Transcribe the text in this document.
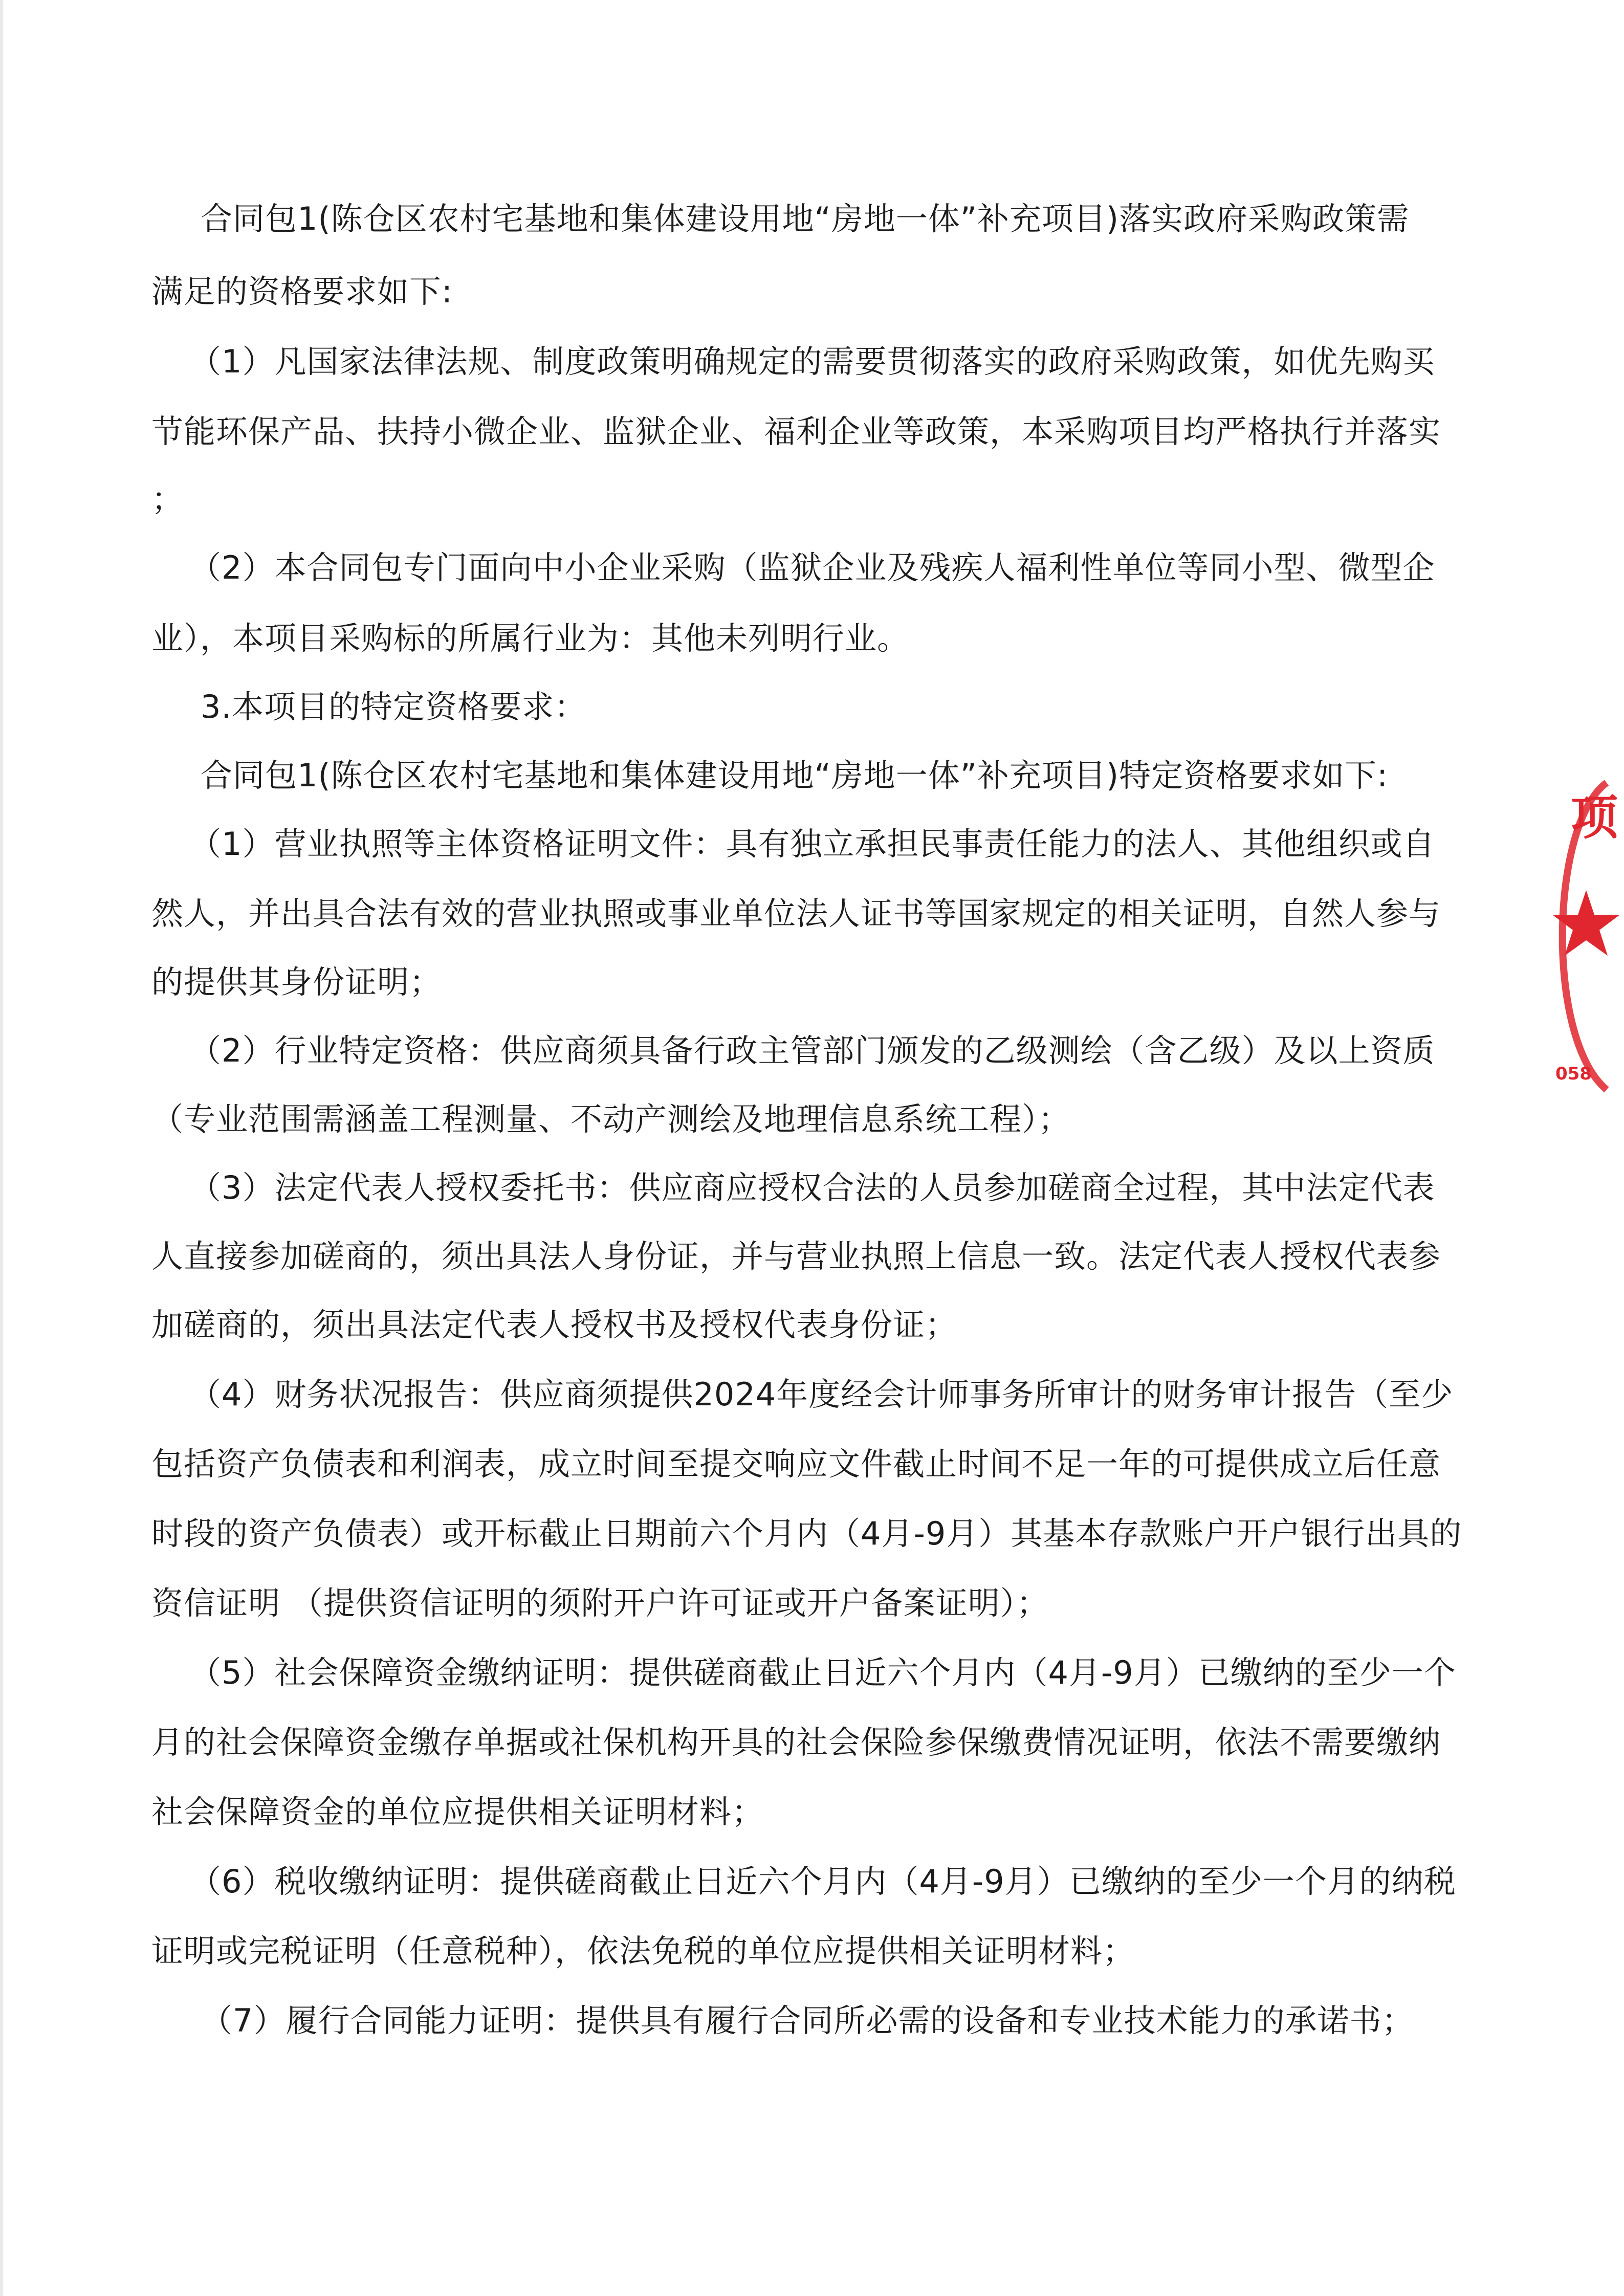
合同包1(陈仓区农村宅基地和集体建设用地“房地一体”补充项目)落实政府采购政策需
满足的资格要求如下:
（1）凡国家法律法规、制度政策明确规定的需要贯彻落实的政府采购政策，如优先购买
节能环保产品、扶持小微企业、监狱企业、福利企业等政策，本采购项目均严格执行并落实
；
（2）本合同包专门面向中小企业采购（监狱企业及残疾人福利性单位等同小型、微型企
业），本项目采购标的所属行业为：其他未列明行业。
3.本项目的特定资格要求：
合同包1(陈仓区农村宅基地和集体建设用地“房地一体”补充项目)特定资格要求如下:
（1）营业执照等主体资格证明文件：具有独立承担民事责任能力的法人、其他组织或自
然人，并出具合法有效的营业执照或事业单位法人证书等国家规定的相关证明，自然人参与
的提供其身份证明；
（2）行业特定资格：供应商须具备行政主管部门颁发的乙级测绘（含乙级）及以上资质
（专业范围需涵盖工程测量、不动产测绘及地理信息系统工程）；
（3）法定代表人授权委托书：供应商应授权合法的人员参加磋商全过程，其中法定代表
人直接参加磋商的，须出具法人身份证，并与营业执照上信息一致。法定代表人授权代表参
加磋商的，须出具法定代表人授权书及授权代表身份证；
（4）财务状况报告：供应商须提供2024年度经会计师事务所审计的财务审计报告（至少
包括资产负债表和利润表，成立时间至提交响应文件截止时间不足一年的可提供成立后任意
时段的资产负债表）或开标截止日期前六个月内（4月-9月）其基本存款账户开户银行出具的
资信证明 （提供资信证明的须附开户许可证或开户备案证明）；
（5）社会保障资金缴纳证明：提供磋商截止日近六个月内（4月-9月）已缴纳的至少一个
月的社会保障资金缴存单据或社保机构开具的社会保险参保缴费情况证明，依法不需要缴纳
社会保障资金的单位应提供相关证明材料；
（6）税收缴纳证明：提供磋商截止日近六个月内（4月-9月）已缴纳的至少一个月的纳税
证明或完税证明（任意税种），依法免税的单位应提供相关证明材料；
（7）履行合同能力证明：提供具有履行合同所必需的设备和专业技术能力的承诺书；
项
058
